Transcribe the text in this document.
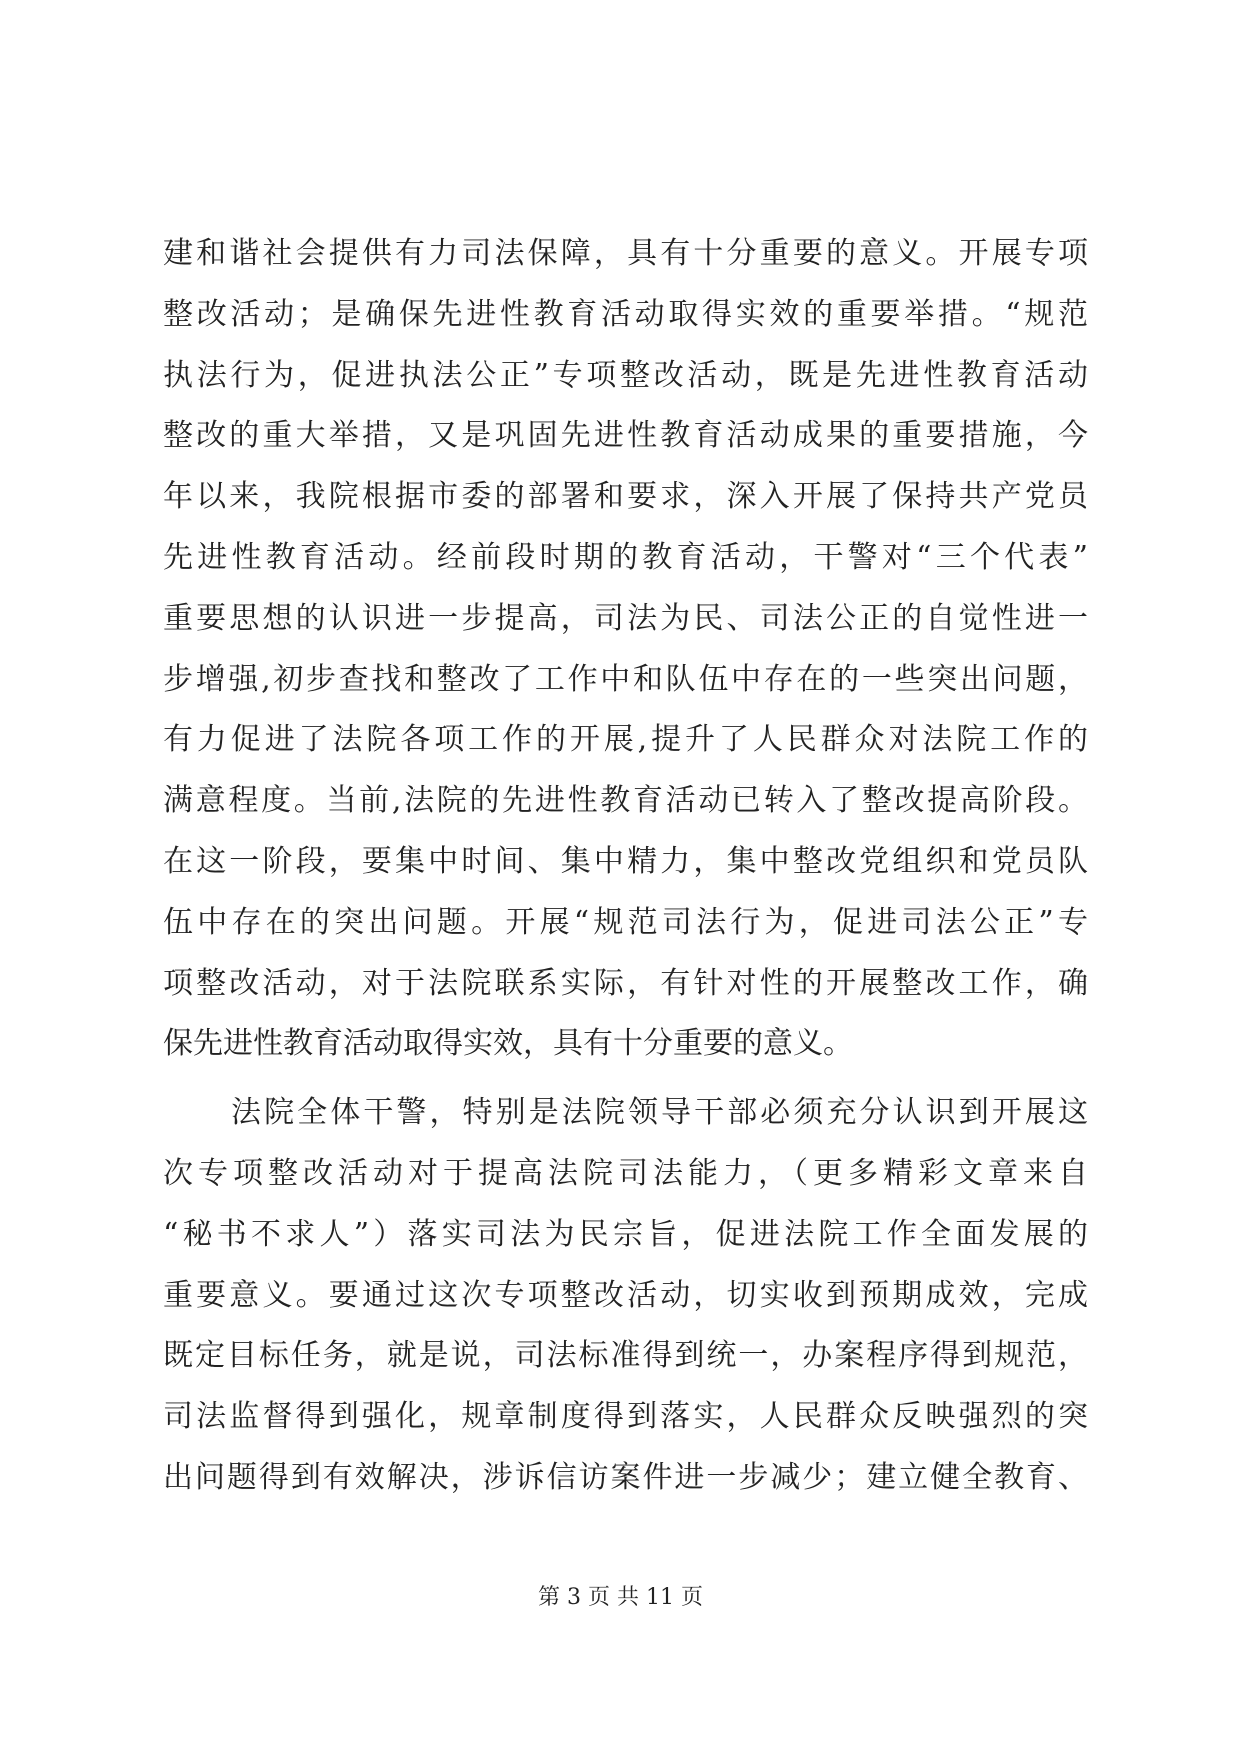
建和谐社会提供有力司法保障，具有十分重要的意义。开展专项
整改活动；是确保先进性教育活动取得实效的重要举措。“规范
执法行为，促进执法公正”专项整改活动，既是先进性教育活动
整改的重大举措，又是巩固先进性教育活动成果的重要措施，今
年以来，我院根据市委的部署和要求，深入开展了保持共产党员
先进性教育活动。经前段时期的教育活动，干警对“三个代表”
重要思想的认识进一步提高，司法为民、司法公正的自觉性进一
步增强,初步查找和整改了工作中和队伍中存在的一些突出问题，
有力促进了法院各项工作的开展,提升了人民群众对法院工作的
满意程度。当前,法院的先进性教育活动已转入了整改提高阶段。
在这一阶段，要集中时间、集中精力，集中整改党组织和党员队
伍中存在的突出问题。开展“规范司法行为，促进司法公正”专
项整改活动，对于法院联系实际，有针对性的开展整改工作，确
保先进性教育活动取得实效，具有十分重要的意义。
法院全体干警，特别是法院领导干部必须充分认识到开展这
次专项整改活动对于提高法院司法能力，（更多精彩文章来自
“秘书不求人”）落实司法为民宗旨，促进法院工作全面发展的
重要意义。要通过这次专项整改活动，切实收到预期成效，完成
既定目标任务，就是说，司法标准得到统一，办案程序得到规范，
司法监督得到强化，规章制度得到落实，人民群众反映强烈的突
出问题得到有效解决，涉诉信访案件进一步减少；建立健全教育、
第 3 页 共 11 页
